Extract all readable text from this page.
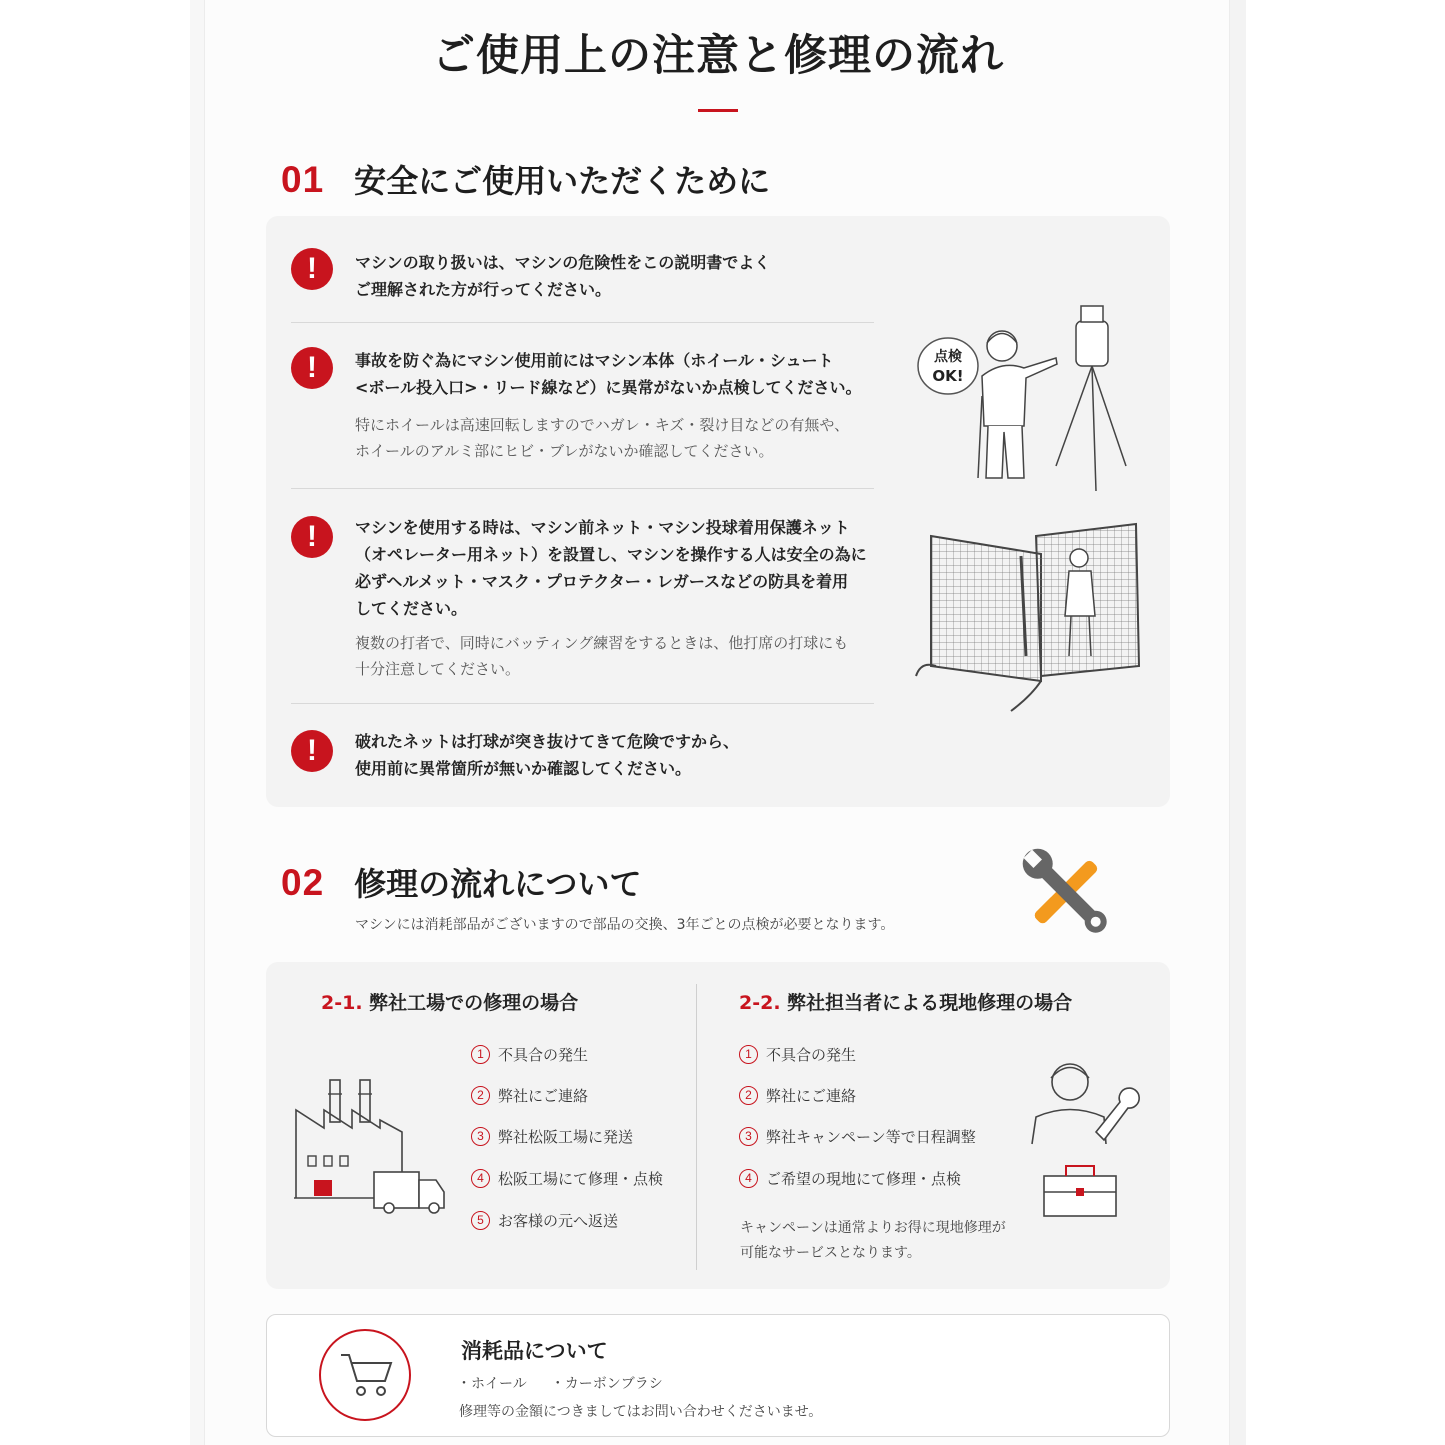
ご使用上の注意と修理の流れ
01 安全にご使用いただくために
!	マシンの取り扱いは、マシンの危険性をこの説明書でよく
ご理解された方が行ってください。
!	事故を防ぐ為にマシン使用前にはマシン本体（ホイール・シュート
<ボール投入口>・リード線など）に異常がないか点検してください。
特にホイールは高速回転しますのでハガレ・キズ・裂け目などの有無や、
ホイールのアルミ部にヒビ・ブレがないか確認してください。
!	マシンを使用する時は、マシン前ネット・マシン投球着用保護ネット
（オペレーター用ネット）を設置し、マシンを操作する人は安全の為に
必ずヘルメット・マスク・プロテクター・レガースなどの防具を着用
してください。
複数の打者で、同時にバッティング練習をするときは、他打席の打球にも
十分注意してください。
!	破れたネットは打球が突き抜けてきて危険ですから、
使用前に異常箇所が無いか確認してください。
点検
OK!
02 修理の流れについて
マシンには消耗部品がございますので部品の交換、3年ごとの点検が必要となります。
2-1. 弊社工場での修理の場合	2-2. 弊社担当者による現地修理の場合
1 不具合の発生
2 弊社にご連絡
3 弊社松阪工場に発送
4 松阪工場にて修理・点検
5 お客様の元へ返送
1 不具合の発生
2 弊社にご連絡
3 弊社キャンペーン等で日程調整
4 ご希望の現地にて修理・点検
キャンペーンは通常よりお得に現地修理が
可能なサービスとなります。
消耗品について
・ホイール ・カーボンブラシ
修理等の金額につきましてはお問い合わせくださいませ。
